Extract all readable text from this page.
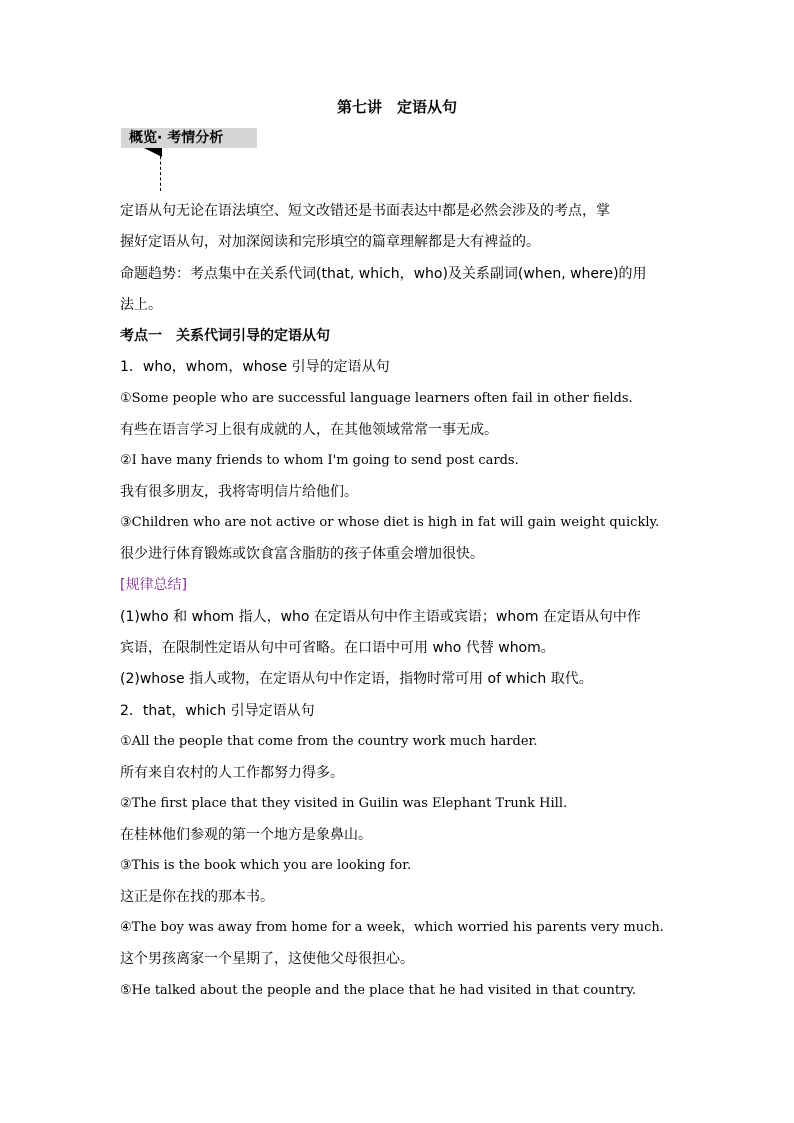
第七讲　定语从句
概览· 考情分析
定语从句无论在语法填空、短文改错还是书面表达中都是必然会涉及的考点，掌
握好定语从句，对加深阅读和完形填空的篇章理解都是大有裨益的。
命题趋势：考点集中在关系代词(that, which，who)及关系副词(when, where)的用
法上。
考点一　关系代词引导的定语从句
1．who，whom，whose 引导的定语从句
①Some people who are successful language learners often fail in other fields.
有些在语言学习上很有成就的人，在其他领域常常一事无成。
②I have many friends to whom I'm going to send post cards.
我有很多朋友，我将寄明信片给他们。
③Children who are not active or whose diet is high in fat will gain weight quickly.
很少进行体育锻炼或饮食富含脂肪的孩子体重会增加很快。
[规律总结]
(1)who 和 whom 指人，who 在定语从句中作主语或宾语；whom 在定语从句中作
宾语，在限制性定语从句中可省略。在口语中可用 who 代替 whom。
(2)whose 指人或物，在定语从句中作定语，指物时常可用 of which 取代。
2．that，which 引导定语从句
①All the people that come from the country work much harder.
所有来自农村的人工作都努力得多。
②The first place that they visited in Guilin was Elephant Trunk Hill.
在桂林他们参观的第一个地方是象鼻山。
③This is the book which you are looking for.
这正是你在找的那本书。
④The boy was away from home for a week，which worried his parents very much.
这个男孩离家一个星期了，这使他父母很担心。
⑤He talked about the people and the place that he had visited in that country.
